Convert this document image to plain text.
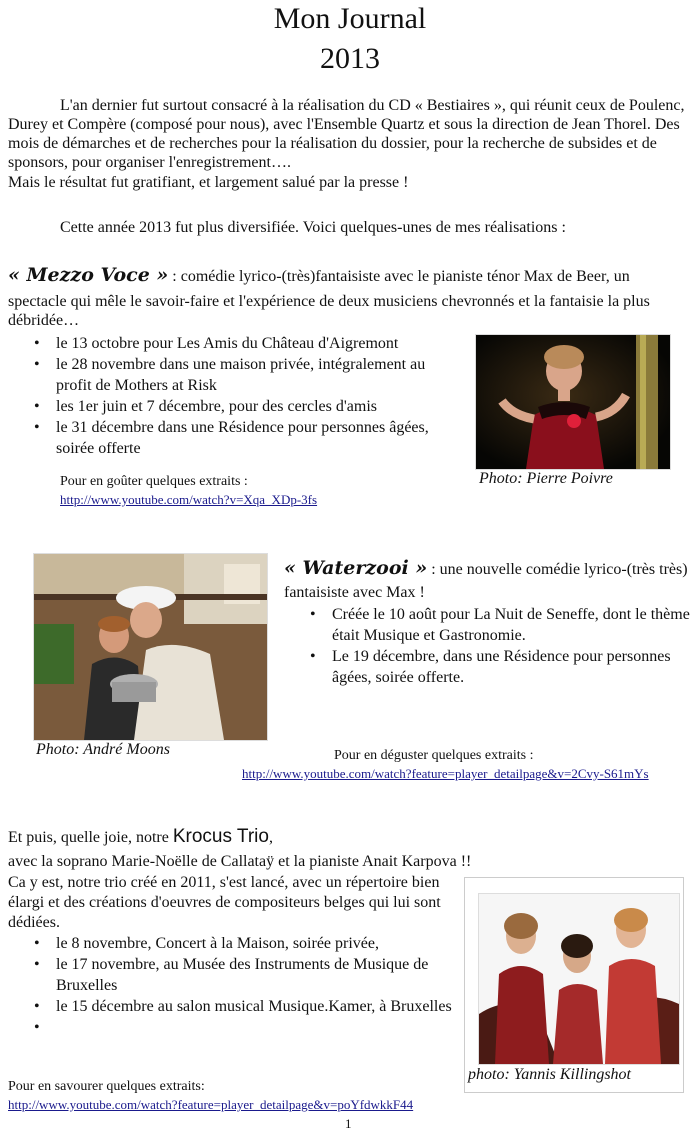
Mon Journal
2013
L'an dernier fut surtout consacré à la réalisation du CD « Bestiaires », qui réunit ceux de Poulenc, Durey et Compère (composé pour nous), avec l'Ensemble Quartz et sous la direction de Jean Thorel. Des mois de démarches et de recherches pour la réalisation du dossier, pour la recherche de subsides et de sponsors, pour organiser l'enregistrement….
Mais le résultat fut gratifiant, et largement salué par la presse !
Cette année 2013 fut plus diversifiée. Voici quelques-unes de mes réalisations :
« Mezzo Voce » : comédie lyrico-(très)fantaisiste avec le pianiste ténor Max de Beer, un
spectacle qui mêle le savoir-faire et l'expérience de deux musiciens chevronnés et la fantaisie la plus débridée…
• le 13 octobre pour Les Amis du Château d'Aigremont
• le 28 novembre dans une maison privée, intégralement au profit de Mothers at Risk
• les 1er juin et 7 décembre, pour des cercles d'amis
• le 31 décembre dans une Résidence pour personnes âgées, soirée offerte
Pour en goûter quelques extraits :
http://www.youtube.com/watch?v=Xqa_XDp-3fs
Photo: Pierre Poivre
Photo: André Moons
« Waterzooi » : une nouvelle comédie lyrico-(très très) fantaisiste avec Max !
• Créée le 10 août pour La Nuit de Seneffe, dont le thème était Musique et Gastronomie.
• Le 19 décembre, dans une Résidence pour personnes âgées, soirée offerte.
Pour en déguster quelques extraits :
http://www.youtube.com/watch?feature=player_detailpage&v=2Cvy-S61mYs
Et puis, quelle joie, notre Krocus Trio,
avec la soprano Marie-Noëlle de Callataÿ et la pianiste Anait Karpova !!
Ca y est, notre trio créé en 2011, s'est lancé, avec un répertoire bien élargi et des créations d'oeuvres de compositeurs belges qui lui sont dédiées.
• le 8 novembre, Concert à la Maison, soirée privée,
• le 17 novembre, au Musée des Instruments de Musique de Bruxelles
• le 15 décembre au salon musical Musique.Kamer, à Bruxelles
•
Pour en savourer quelques extraits:
http://www.youtube.com/watch?feature=player_detailpage&v=poYfdwkkF44
photo: Yannis Killingshot
1
